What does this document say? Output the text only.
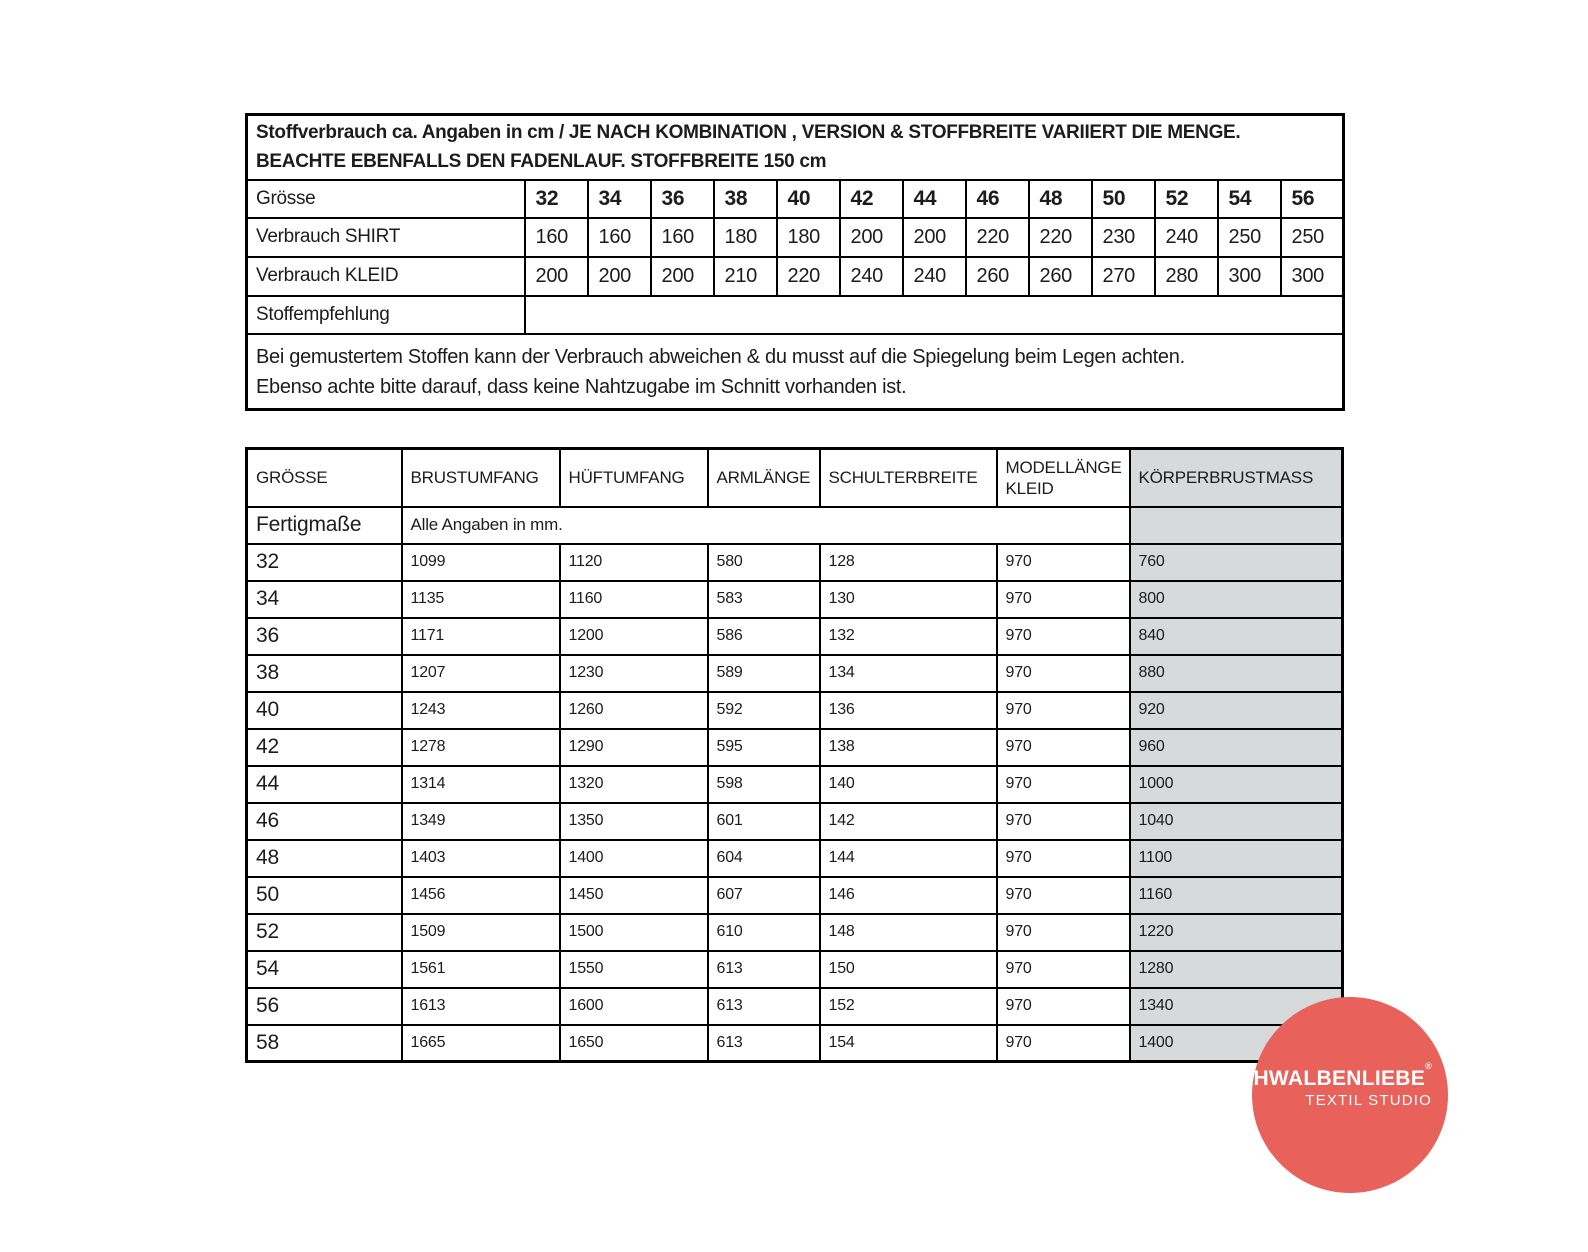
Stoffverbrauch ca. Angaben in cm / JE NACH KOMBINATION , VERSION & STOFFBREITE VARIIERT DIE MENGE.
BEACHTE EBENFALLS DEN FADENLAUF. STOFFBREITE 150 cm													

Grösse	32	34	36	38	40	42	44	46	48	50	52	54	56
Verbrauch SHIRT	160	160	160	180	180	200	200	220	220	230	240	250	250
Verbrauch KLEID	200	200	200	210	220	240	240	260	260	270	280	300	300
Stoffempfehlung													

Bei gemustertem Stoffen kann der Verbrauch abweichen & du musst auf die Spiegelung beim Legen achten.
Ebenso achte bitte darauf, dass keine Nahtzugabe im Schnitt vorhanden ist.													
GRÖSSE	BRUSTUMFANG	HÜFTUMFANG	ARMLÄNGE	SCHULTERBREITE	MODELLÄNGE KLEID	KÖRPERBRUSTMASS
Fertigmaße	Alle Angaben in mm.					
32	1099	1120	580	128	970	760
34	1135	1160	583	130	970	800
36	1171	1200	586	132	970	840
38	1207	1230	589	134	970	880
40	1243	1260	592	136	970	920
42	1278	1290	595	138	970	960
44	1314	1320	598	140	970	1000
46	1349	1350	601	142	970	1040
48	1403	1400	604	144	970	1100
50	1456	1450	607	146	970	1160
52	1509	1500	610	148	970	1220
54	1561	1550	613	150	970	1280
56	1613	1600	613	152	970	1340
58	1665	1650	613	154	970	1400
SCHWALBENLIEBE®
TEXTIL STUDIO
